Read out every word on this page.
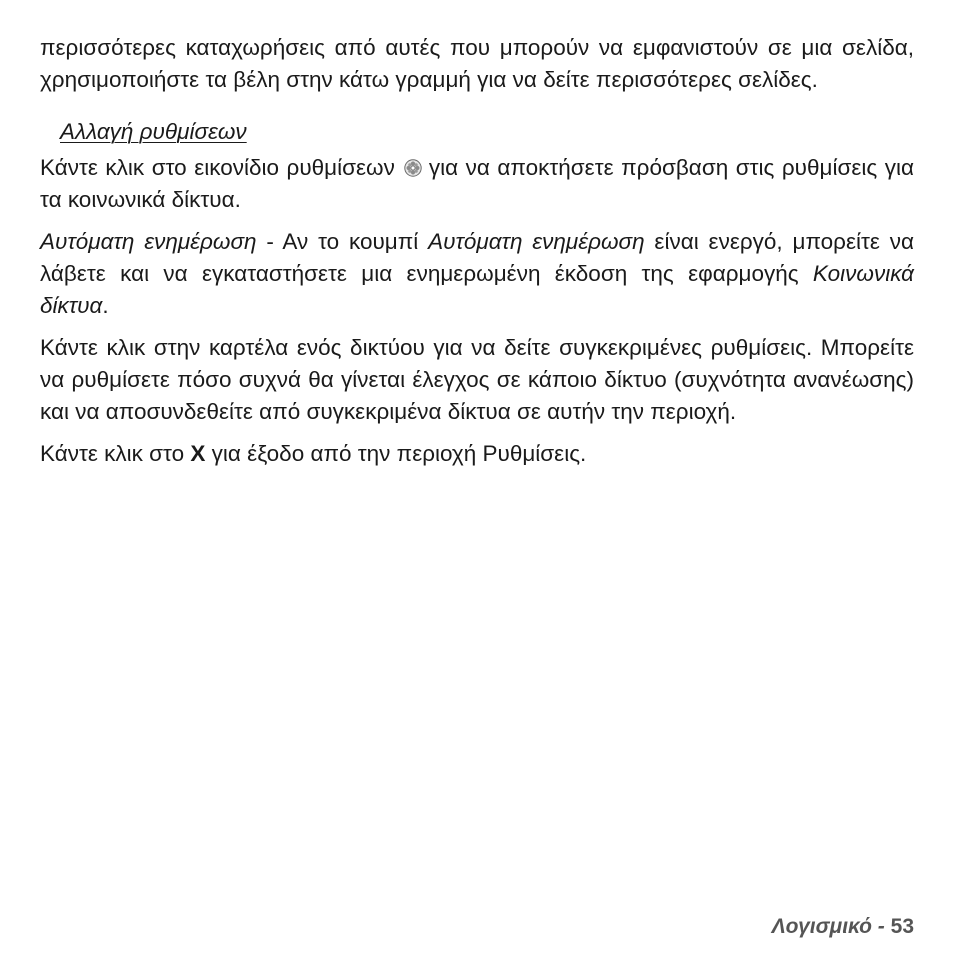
περισσότερες καταχωρήσεις από αυτές που μπορούν να εμφανιστούν σε μια σελίδα, χρησιμοποιήστε τα βέλη στην κάτω γραμμή για να δείτε περισσότερες σελίδες.

Αλλαγή ρυθμίσεων

Κάντε κλικ στο εικονίδιο ρυθμίσεων για να αποκτήσετε πρόσβαση στις ρυθμίσεις για τα κοινωνικά δίκτυα.

Αυτόματη ενημέρωση - Αν το κουμπί Αυτόματη ενημέρωση είναι ενεργό, μπορείτε να λάβετε και να εγκαταστήσετε μια ενημερωμένη έκδοση της εφαρμογής Κοινωνικά δίκτυα.

Κάντε κλικ στην καρτέλα ενός δικτύου για να δείτε συγκεκριμένες ρυθμίσεις. Μπορείτε να ρυθμίσετε πόσο συχνά θα γίνεται έλεγχος σε κάποιο δίκτυο (συχνότητα ανανέωσης) και να αποσυνδεθείτε από συγκεκριμένα δίκτυα σε αυτήν την περιοχή.

Κάντε κλικ στο X για έξοδο από την περιοχή Ρυθμίσεις.

Λογισμικό - 53
